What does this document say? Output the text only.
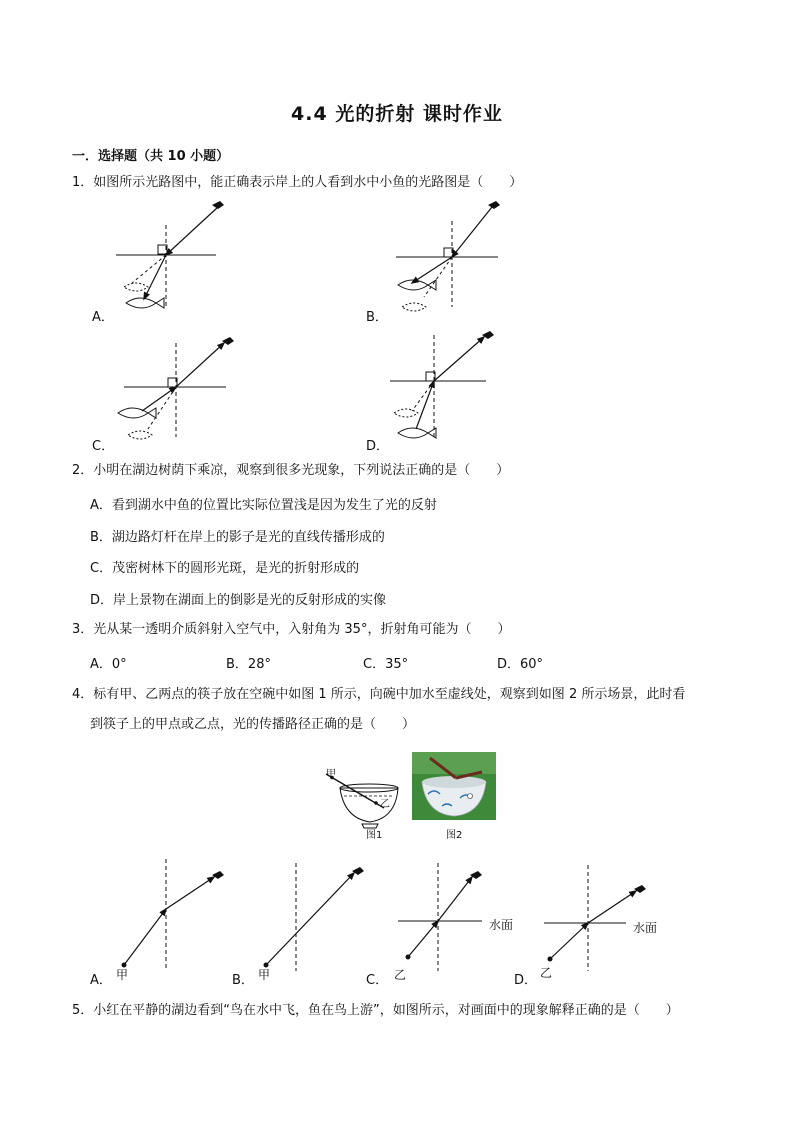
4.4 光的折射 课时作业
一．选择题（共 10 小题）
1．如图所示光路图中，能正确表示岸上的人看到水中小鱼的光路图是（　　）
A．	B．
C．	D．
2．小明在湖边树荫下乘凉，观察到很多光现象，下列说法正确的是（　　）
A．看到湖水中鱼的位置比实际位置浅是因为发生了光的反射
B．湖边路灯杆在岸上的影子是光的直线传播形成的
C．茂密树林下的圆形光斑，是光的折射形成的
D．岸上景物在湖面上的倒影是光的反射形成的实像
3．光从某一透明介质斜射入空气中，入射角为 35°，折射角可能为（　　）
A．0°	B．28°	C．35°	D．60°
4．标有甲、乙两点的筷子放在空碗中如图 1 所示，向碗中加水至虚线处，观察到如图 2 所示场景，此时看
到筷子上的甲点或乙点，光的传播路径正确的是（　　）
甲
乙
图1	图2
A． 甲	B． 甲
水面
C． 乙
水面
D． 乙
5．小红在平静的湖边看到“鸟在水中飞，鱼在鸟上游”，如图所示，对画面中的现象解释正确的是（　　）
